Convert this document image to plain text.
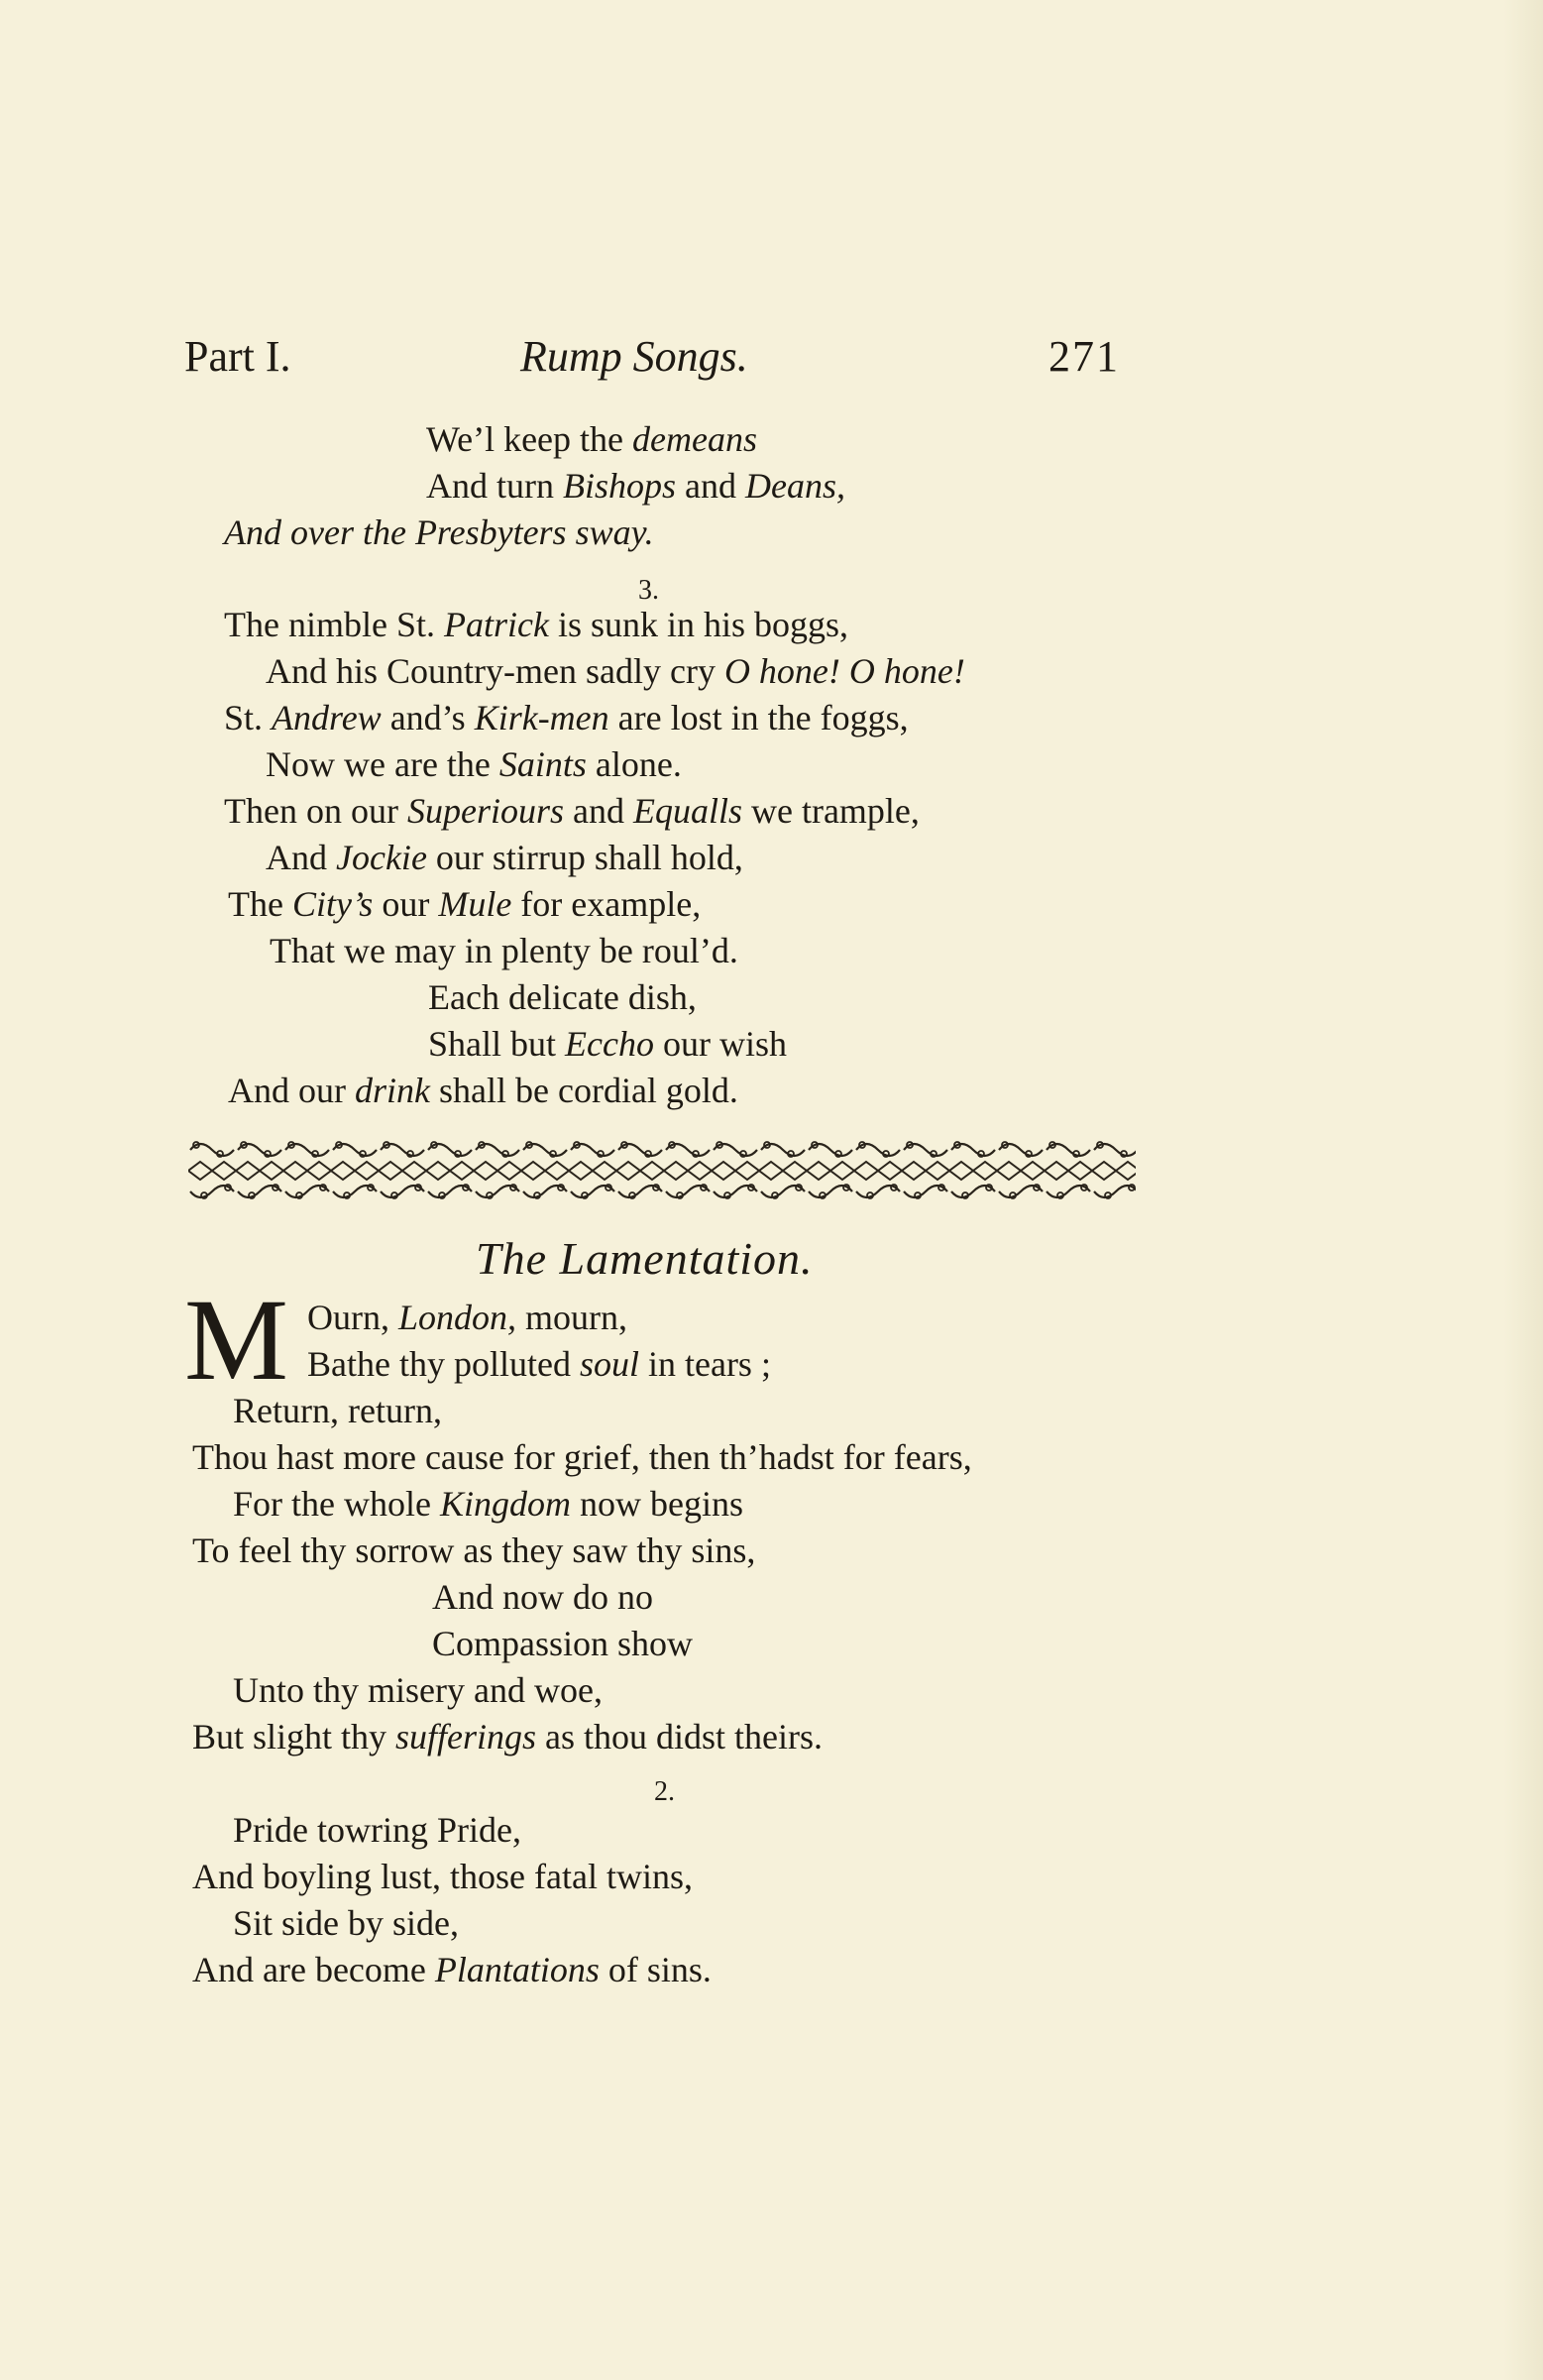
Part I.	Rump Songs.	271
We’l keep the demeans
And turn Bishops and Deans,
And over the Presbyters sway.
3.
The nimble St. Patrick is sunk in his boggs,
And his Country-men sadly cry O hone! O hone!
St. Andrew and’s Kirk-men are lost in the foggs,
Now we are the Saints alone.
Then on our Superiours and Equalls we trample,
And Jockie our stirrup shall hold,
The City’s our Mule for example,
That we may in plenty be roul’d.
Each delicate dish,
Shall but Eccho our wish
And our drink shall be cordial gold.
The Lamentation.
M Ourn, London, mourn,
Bathe thy polluted soul in tears ;
Return, return,
Thou hast more cause for grief, then th’hadst for fears,
For the whole Kingdom now begins
To feel thy sorrow as they saw thy sins,
And now do no
Compassion show
Unto thy misery and woe,
But slight thy sufferings as thou didst theirs.
2.
Pride towring Pride,
And boyling lust, those fatal twins,
Sit side by side,
And are become Plantations of sins.
